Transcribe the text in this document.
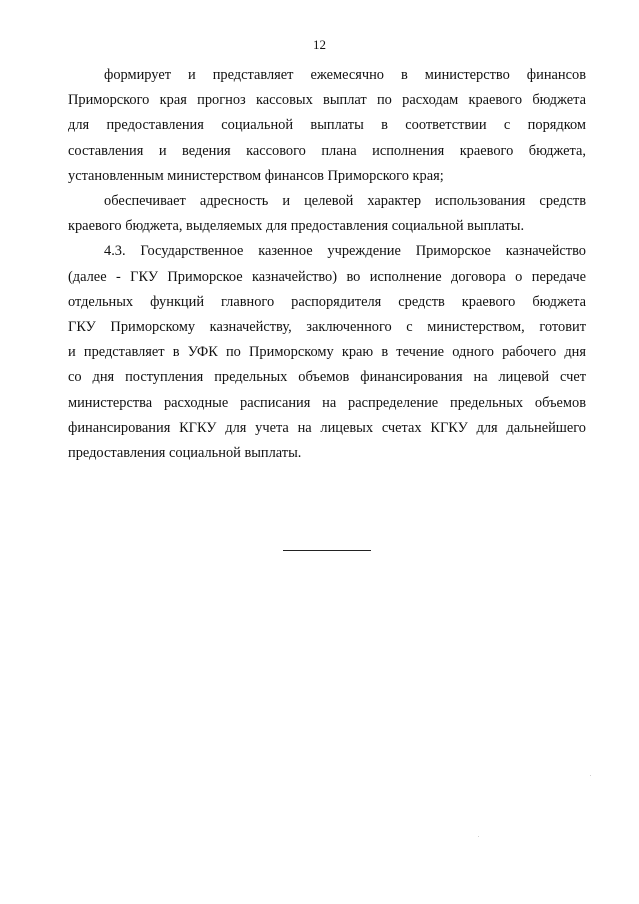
12

формирует и представляет ежемесячно в министерство финансов
Приморского края прогноз кассовых выплат по расходам краевого бюджета
для предоставления социальной выплаты в соответствии с порядком
составления и ведения кассового плана исполнения краевого бюджета,
установленным министерством финансов Приморского края;

обеспечивает адресность и целевой характер использования средств
краевого бюджета, выделяемых для предоставления социальной выплаты.

4.3. Государственное казенное учреждение Приморское казначейство
(далее - ГКУ Приморское казначейство) во исполнение договора о передаче
отдельных функций главного распорядителя средств краевого бюджета
ГКУ Приморскому казначейству, заключенного с министерством, готовит
и представляет в УФК по Приморскому краю в течение одного рабочего дня
со дня поступления предельных объемов финансирования на лицевой счет
министерства расходные расписания на распределение предельных объемов
финансирования КГКУ для учета на лицевых счетах КГКУ для дальнейшего
предоставления социальной выплаты.
